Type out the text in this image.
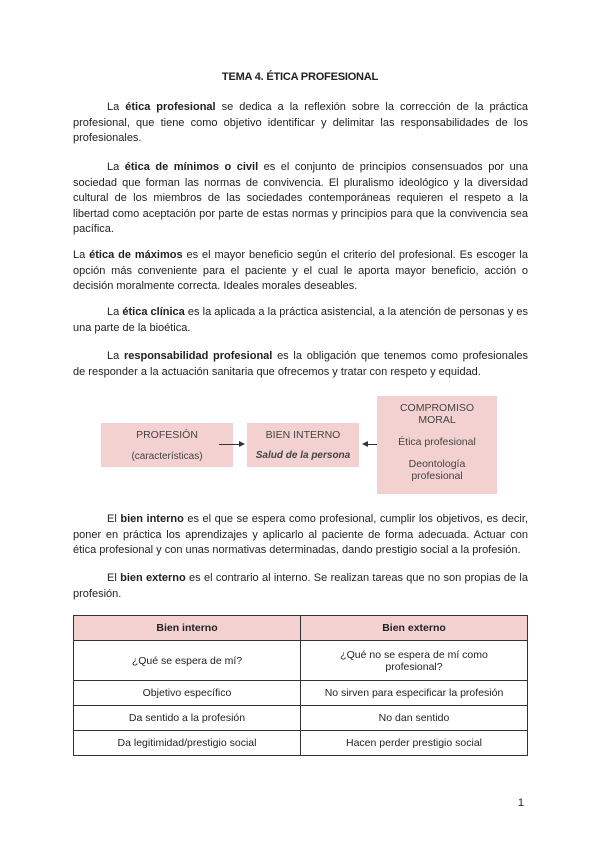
TEMA 4. ÉTICA PROFESIONAL

La ética profesional se dedica a la reflexión sobre la corrección de la práctica profesional, que tiene como objetivo identificar y delimitar las responsabilidades de los profesionales.

La ética de mínimos o civil es el conjunto de principios consensuados por una sociedad que forman las normas de convivencia. El pluralismo ideológico y la diversidad cultural de los miembros de las sociedades contemporáneas requieren el respeto a la libertad como aceptación por parte de estas normas y principios para que la convivencia sea pacífica.

La ética de máximos es el mayor beneficio según el criterio del profesional. Es escoger la opción más conveniente para el paciente y el cual le aporta mayor beneficio, acción o decisión moralmente correcta. Ideales morales deseables.

La ética clínica es la aplicada a la práctica asistencial, a la atención de personas y es una parte de la bioética.

La responsabilidad profesional es la obligación que tenemos como profesionales de responder a la actuación sanitaria que ofrecemos y tratar con respeto y equidad.

PROFESIÓN
(características)
BIEN INTERNO
Salud de la persona
COMPROMISO
MORAL
Ética profesional
Deontología
profesional

El bien interno es el que se espera como profesional, cumplir los objetivos, es decir, poner en práctica los aprendizajes y aplicarlo al paciente de forma adecuada. Actuar con ética profesional y con unas normativas determinadas, dando prestigio social a la profesión.

El bien externo es el contrario al interno. Se realizan tareas que no son propias de la profesión.

Bien interno	Bien externo
¿Qué se espera de mí?	¿Qué no se espera de mí como profesional?
Objetivo específico	No sirven para especificar la profesión
Da sentido a la profesión	No dan sentido
Da legitimidad/prestigio social	Hacen perder prestigio social
1
